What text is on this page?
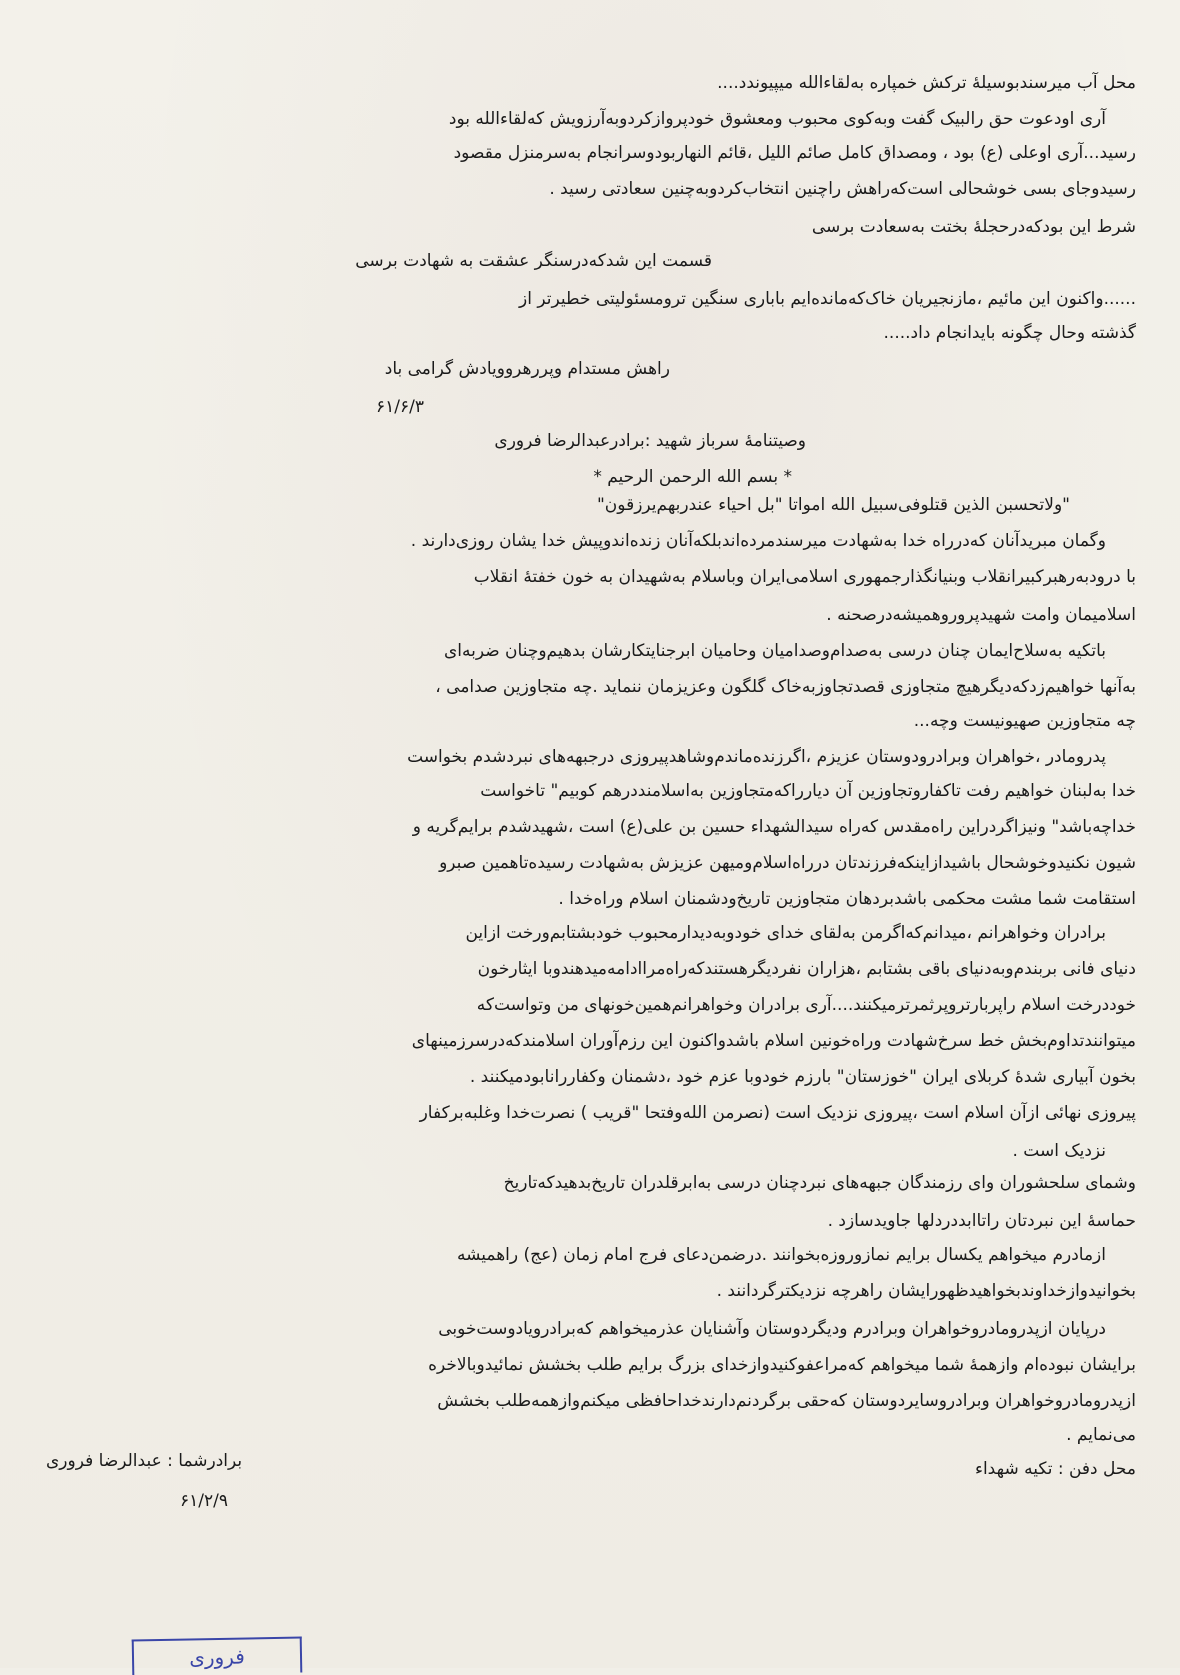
محل آب میرسندبوسیلهٔ ترکش خمپاره به‌لقاءالله میپیوندد....
آری اودعوت حق رالبیک گفت وبه‌کوی محبوب ومعشوق خودپروازکردوبه‌آرزویش که‌لقاءالله بود
رسید...آری اوعلی (ع) بود ، ومصداق کامل صائم اللیل ،قائم النهاربودوسرانجام به‌سرمنزل مقصود
رسیدوجای بسی خوشحالی است‌که‌راهش راچنین انتخاب‌کردوبه‌چنین سعادتی رسید .
شرط این بودکه‌درحجلهٔ بختت به‌سعادت برسی
قسمت این شدکه‌درسنگر عشقت به شهادت برسی
......واکنون این مائیم ،مازنجیریان خاک‌که‌مانده‌ایم باباری سنگین ترومسئولیتی خطیرتر از
گذشته وحال چگونه بایدانجام داد.....
راهش مستدام وپررهروویادش گرامی باد
۶۱/۶/۳
وصیتنامهٔ سرباز شهید :برادرعبدالرضا فروری
* بسم الله الرحمن الرحیم *
"ولاتحسبن الذین قتلوفی‌سبیل الله امواتا "بل احیاء عندربهم‌یرزقون"
وگمان مبریدآنان که‌درراه خدا به‌شهادت میرسندمرده‌اندبلکه‌آنان زنده‌اندوپیش خدا یشان روزی‌دارند .
با درودبه‌رهبرکبیرانقلاب وبنیانگذارجمهوری اسلامی‌ایران وباسلام به‌شهیدان به خون خفتهٔ انقلاب
اسلامیمان وامت شهیدپروروهمیشه‌درصحنه .
باتکیه به‌سلاح‌ایمان چنان درسی به‌صدام‌وصدامیان وحامیان ابرجنایتکارشان بدهیم‌وچنان ضربه‌ای
به‌آنها خواهیم‌زدکه‌دیگرهیچ متجاوزی قصدتجاوزبه‌خاک گلگون وعزیزمان ننماید .چه متجاوزین صدامی ،
چه متجاوزین صهیونیست وچه...
پدرومادر ،خواهران وبرادرودوستان عزیزم ،اگرزنده‌ماندم‌وشاهدپیروزی درجبهه‌های نبردشدم بخواست
خدا به‌لبنان خواهیم رفت تاکفاروتجاوزین آن دیارراکه‌متجاوزین به‌اسلامنددرهم کوبیم" تاخواست
خداچه‌باشد" ونیزاگردراین راه‌مقدس که‌راه سیدالشهداء حسین بن علی(ع) است ،شهیدشدم برایم‌گریه و
شیون نکنیدوخوشحال باشیدازاینکه‌فرزندتان درراه‌اسلام‌ومیهن عزیزش به‌شهادت رسیده‌تاهمین صبرو
استقامت شما مشت محکمی باشدبردهان متجاوزین تاریخ‌ودشمنان اسلام وراه‌خدا .
برادران وخواهرانم ،میدانم‌که‌اگرمن به‌لقای خدای خودوبه‌دیدارمحبوب خودبشتابم‌ورخت ازاین
دنیای فانی بربندم‌وبه‌دنیای باقی بشتابم ،هزاران نفردیگرهستندکه‌راه‌مراادامه‌میدهندوبا ایثارخون
خوددرخت اسلام راپربارتروپرثمرترمیکنند....آری برادران وخواهرانم‌همین‌خونهای من وتواست‌که
میتوانندتداوم‌بخش خط سرخ‌شهادت وراه‌خونین اسلام باشدواکنون این رزم‌آوران اسلامندکه‌درسرزمینهای
بخون آبیاری شدهٔ کربلای ایران "خوزستان" بارزم خودوبا عزم خود ،دشمنان وکفاررانابودمیکنند .
پیروزی نهائی ازآن اسلام است ،پیروزی نزدیک است (نصرمن الله‌وفتحا "قریب ) نصرت‌خدا وغلبه‌برکفار
نزدیک است .
وشمای سلحشوران وای رزمندگان جبهه‌های نبردچنان درسی به‌ابرقلدران تاریخ‌بدهیدکه‌تاریخ
حماسهٔ این نبردتان راتاابددردلها جاویدسازد .
ازمادرم میخواهم یکسال برایم نمازوروزه‌بخوانند .درضمن‌دعای فرج امام زمان (عج) راهمیشه
بخوانیدوازخداوندبخواهیدظهورایشان راهرچه نزدیکترگردانند .
درپایان ازپدرومادروخواهران وبرادرم ودیگردوستان وآشنایان عذرمیخواهم که‌برادرویادوست‌خوبی
برایشان نبوده‌ام وازهمهٔ شما میخواهم که‌مراعفوکنیدوازخدای بزرگ برایم طلب بخشش نمائیدوبالاخره
ازپدرومادروخواهران وبرادروسایردوستان که‌حقی برگردنم‌دارندخداحافظی میکنم‌وازهمه‌طلب بخشش
می‌نمایم .
محل دفن : تکیه شهداء
برادرشما : عبدالرضا فروری
۶۱/۲/۹
فروری
